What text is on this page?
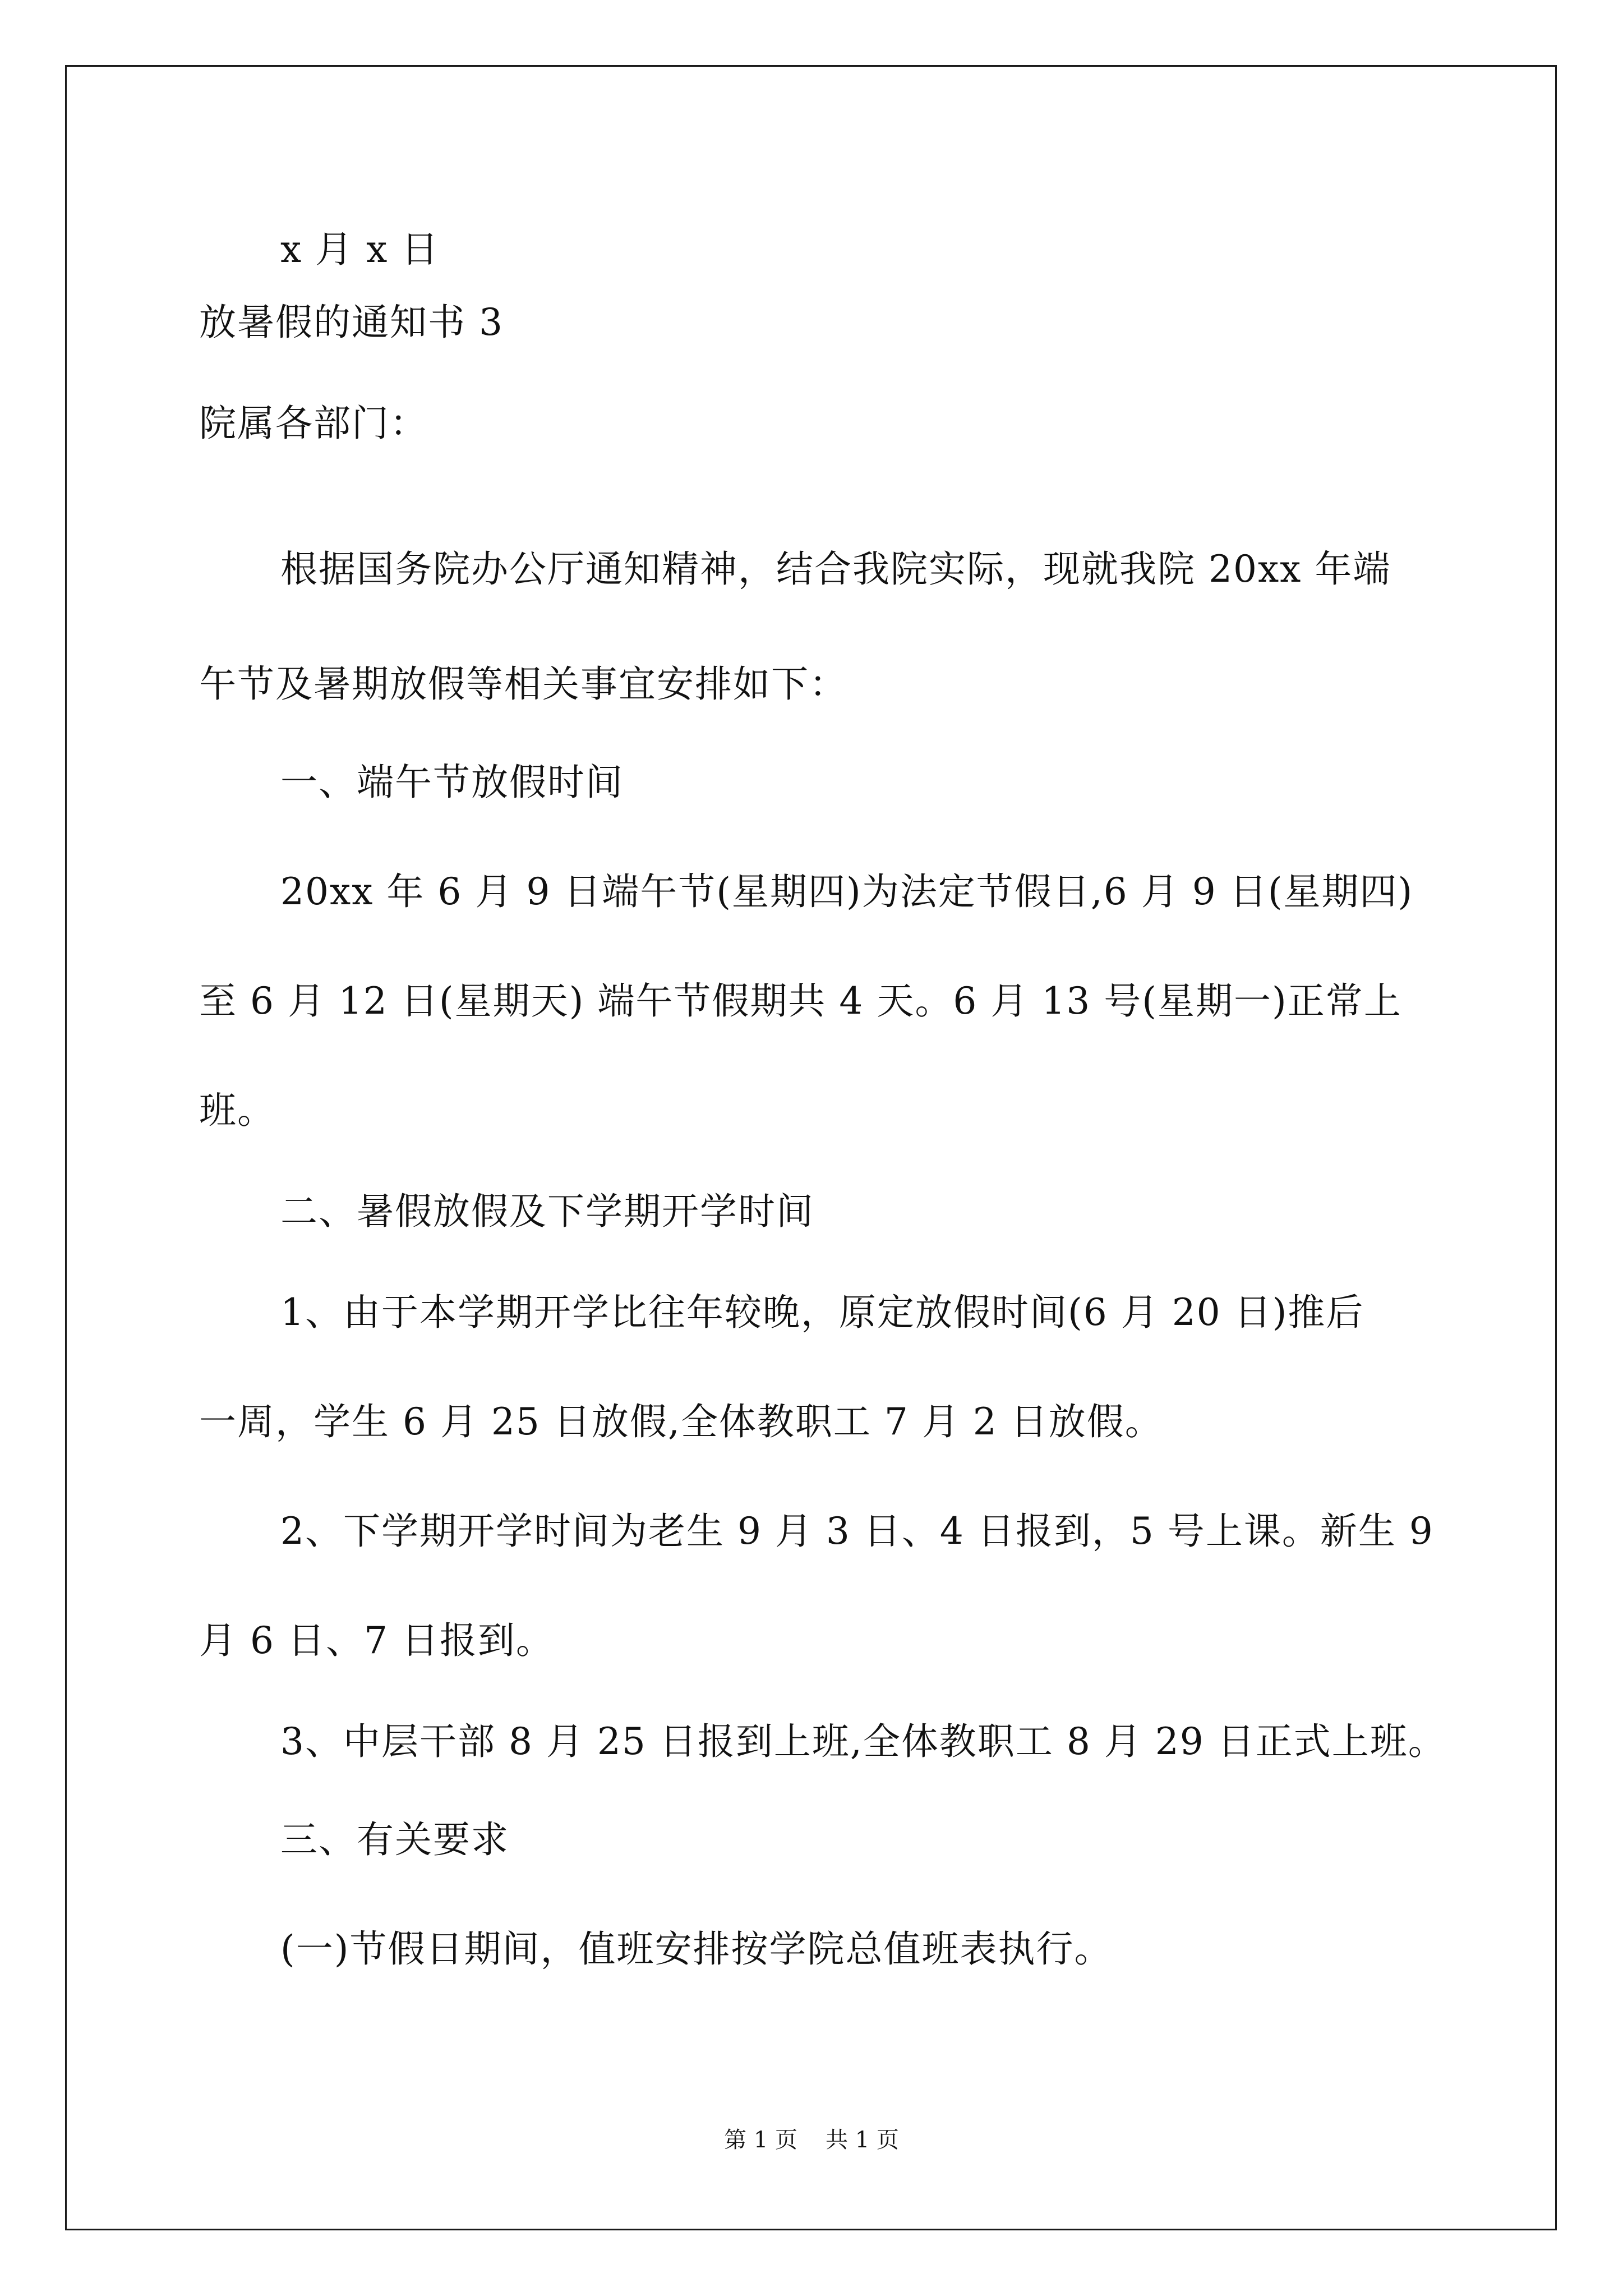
x 月 x 日
放暑假的通知书 3
院属各部门：
根据国务院办公厅通知精神，结合我院实际，现就我院 20xx 年端
午节及暑期放假等相关事宜安排如下：
一、端午节放假时间
20xx 年 6 月 9 日端午节(星期四)为法定节假日,6 月 9 日(星期四)
至 6 月 12 日(星期天) 端午节假期共 4 天。6 月 13 号(星期一)正常上
班。
二、暑假放假及下学期开学时间
1、由于本学期开学比往年较晚，原定放假时间(6 月 20 日)推后
一周，学生 6 月 25 日放假,全体教职工 7 月 2 日放假。
2、下学期开学时间为老生 9 月 3 日、4 日报到，5 号上课。新生 9
月 6 日、7 日报到。
3、中层干部 8 月 25 日报到上班,全体教职工 8 月 29 日正式上班。
三、有关要求
(一)节假日期间，值班安排按学院总值班表执行。
第 1 页 共 1 页
